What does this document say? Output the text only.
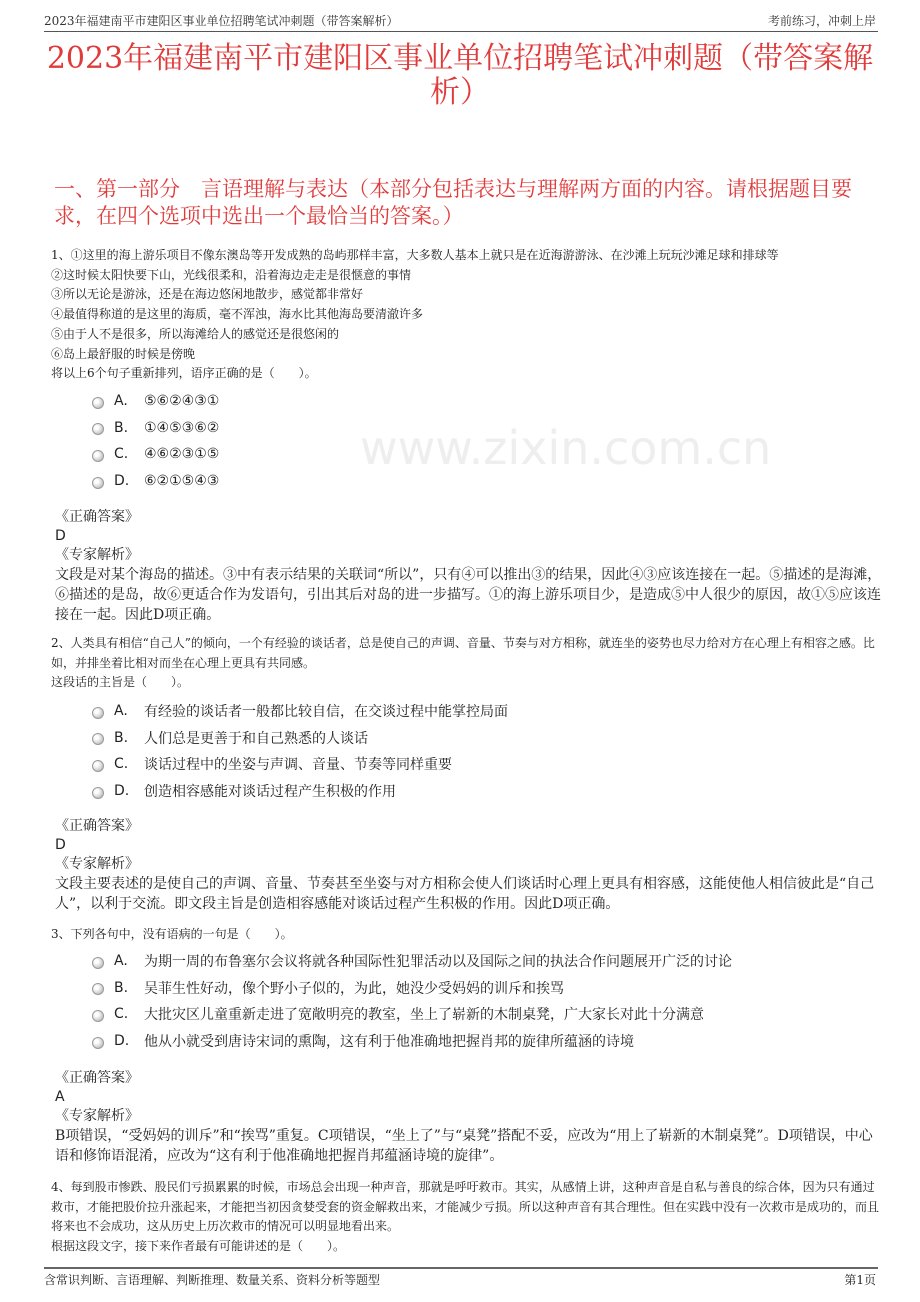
www.zixin.com.cn
2023年福建南平市建阳区事业单位招聘笔试冲刺题（带答案解析）	考前练习，冲刺上岸
2023年福建南平市建阳区事业单位招聘笔试冲刺题（带答案解析）
一、第一部分　言语理解与表达（本部分包括表达与理解两方面的内容。请根据题目要求，在四个选项中选出一个最恰当的答案。）
1、①这里的海上游乐项目不像东澳岛等开发成熟的岛屿那样丰富，大多数人基本上就只是在近海游游泳、在沙滩上玩玩沙滩足球和排球等
②这时候太阳快要下山，光线很柔和，沿着海边走走是很惬意的事情
③所以无论是游泳，还是在海边悠闲地散步，感觉都非常好
④最值得称道的是这里的海质，毫不浑浊，海水比其他海岛要清澈许多
⑤由于人不是很多，所以海滩给人的感觉还是很悠闲的
⑥岛上最舒服的时候是傍晚
将以上6个句子重新排列，语序正确的是（　　）。
A.	⑤⑥②④③①
B.	①④⑤③⑥②
C.	④⑥②③①⑤
D.	⑥②①⑤④③

《正确答案》

D

《专家解析》

文段是对某个海岛的描述。③中有表示结果的关联词“所以”，只有④可以推出③的结果，因此④③应该连接在一起。⑤描述的是海滩，⑥描述的是岛，故⑥更适合作为发语句，引出其后对岛的进一步描写。①的海上游乐项目少，是造成⑤中人很少的原因，故①⑤应该连接在一起。因此D项正确。

2、人类具有相信“自己人”的倾向，一个有经验的谈话者，总是使自己的声调、音量、节奏与对方相称，就连坐的姿势也尽力给对方在心理上有相容之感。比如，并排坐着比相对而坐在心理上更具有共同感。
这段话的主旨是（　　）。
A.	有经验的谈话者一般都比较自信，在交谈过程中能掌控局面
B.	人们总是更善于和自己熟悉的人谈话
C.	谈话过程中的坐姿与声调、音量、节奏等同样重要
D.	创造相容感能对谈话过程产生积极的作用

《正确答案》

D

《专家解析》

文段主要表述的是使自己的声调、音量、节奏甚至坐姿与对方相称会使人们谈话时心理上更具有相容感，这能使他人相信彼此是“自己人”，以利于交流。即文段主旨是创造相容感能对谈话过程产生积极的作用。因此D项正确。

3、下列各句中，没有语病的一句是（　　）。
A.	为期一周的布鲁塞尔会议将就各种国际性犯罪活动以及国际之间的执法合作问题展开广泛的讨论
B.	吴菲生性好动，像个野小子似的，为此，她没少受妈妈的训斥和挨骂
C.	大批灾区儿童重新走进了宽敞明亮的教室，坐上了崭新的木制桌凳，广大家长对此十分满意
D.	他从小就受到唐诗宋词的熏陶，这有利于他准确地把握肖邦的旋律所蕴涵的诗境

《正确答案》

A

《专家解析》

B项错误，“受妈妈的训斥”和“挨骂”重复。C项错误，“坐上了”与“桌凳”搭配不妥，应改为“用上了崭新的木制桌凳”。D项错误，中心语和修饰语混淆，应改为“这有利于他准确地把握肖邦蕴涵诗境的旋律”。

4、每到股市惨跌、股民们亏损累累的时候，市场总会出现一种声音，那就是呼吁救市。其实，从感情上讲，这种声音是自私与善良的综合体，因为只有通过救市，才能把股价拉升涨起来，才能把当初因贪婪受套的资金解救出来，才能减少亏损。所以这种声音有其合理性。但在实践中没有一次救市是成功的，而且将来也不会成功，这从历史上历次救市的情况可以明显地看出来。
根据这段文字，接下来作者最有可能讲述的是（　　）。
含常识判断、言语理解、判断推理、数量关系、资料分析等题型	第1页
